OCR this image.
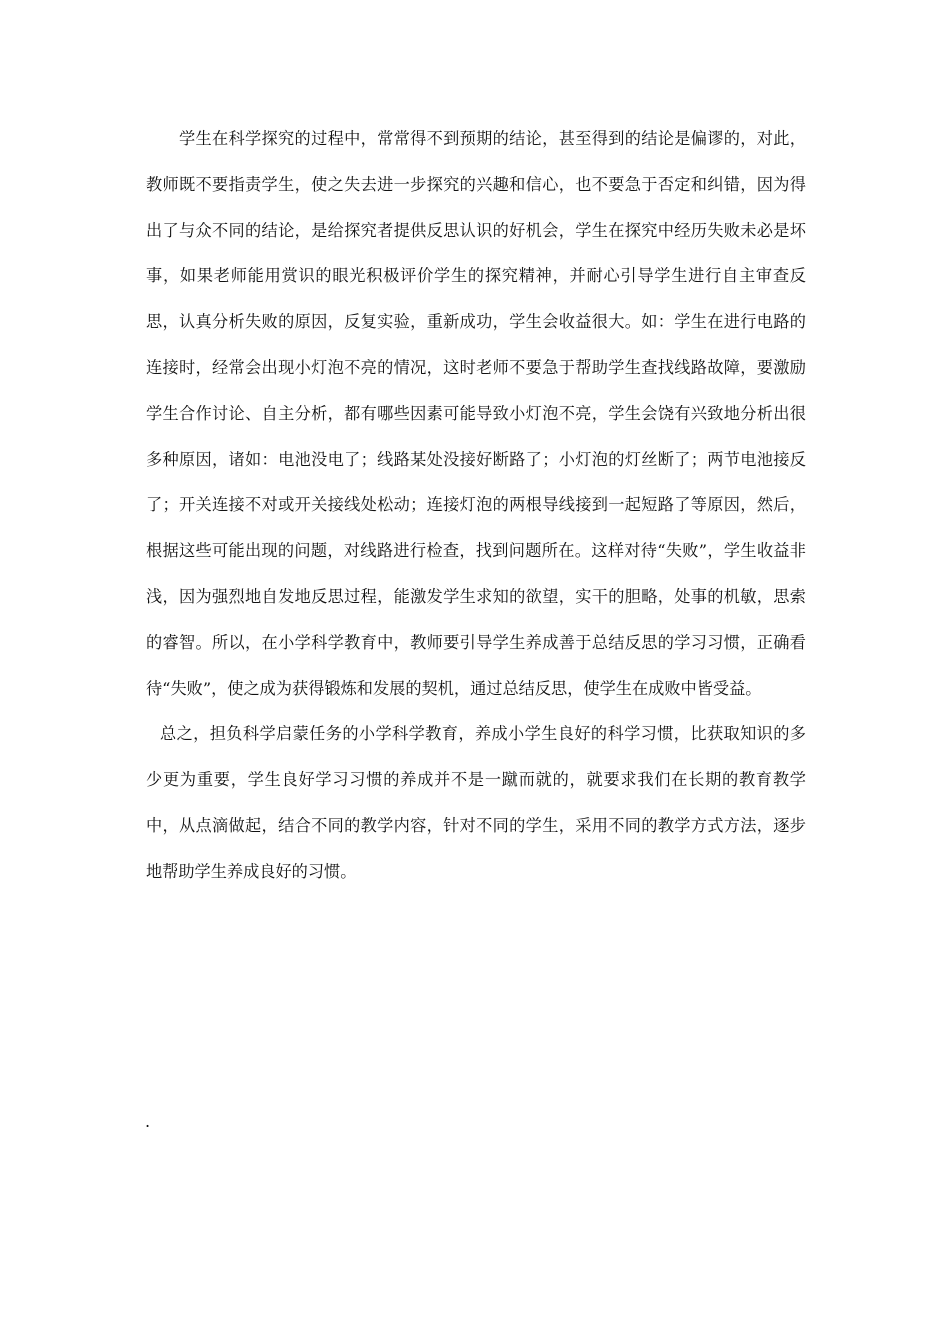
学生在科学探究的过程中，常常得不到预期的结论，甚至得到的结论是偏谬的，对此，教师既不要指责学生，使之失去进一步探究的兴趣和信心，也不要急于否定和纠错，因为得出了与众不同的结论，是给探究者提供反思认识的好机会，学生在探究中经历失败未必是坏事，如果老师能用赏识的眼光积极评价学生的探究精神，并耐心引导学生进行自主审查反思，认真分析失败的原因，反复实验，重新成功，学生会收益很大。如：学生在进行电路的连接时，经常会出现小灯泡不亮的情况，这时老师不要急于帮助学生查找线路故障，要激励学生合作讨论、自主分析，都有哪些因素可能导致小灯泡不亮，学生会饶有兴致地分析出很多种原因，诸如：电池没电了；线路某处没接好断路了；小灯泡的灯丝断了；两节电池接反了；开关连接不对或开关接线处松动；连接灯泡的两根导线接到一起短路了等原因，然后，根据这些可能出现的问题，对线路进行检查，找到问题所在。这样对待“失败”，学生收益非浅，因为强烈地自发地反思过程，能激发学生求知的欲望，实干的胆略，处事的机敏，思索的睿智。所以，在小学科学教育中，教师要引导学生养成善于总结反思的学习习惯，正确看待“失败”，使之成为获得锻炼和发展的契机，通过总结反思，使学生在成败中皆受益。

总之，担负科学启蒙任务的小学科学教育，养成小学生良好的科学习惯，比获取知识的多少更为重要，学生良好学习习惯的养成并不是一蹴而就的，就要求我们在长期的教育教学中，从点滴做起，结合不同的教学内容，针对不同的学生，采用不同的教学方式方法，逐步地帮助学生养成良好的习惯。

.
